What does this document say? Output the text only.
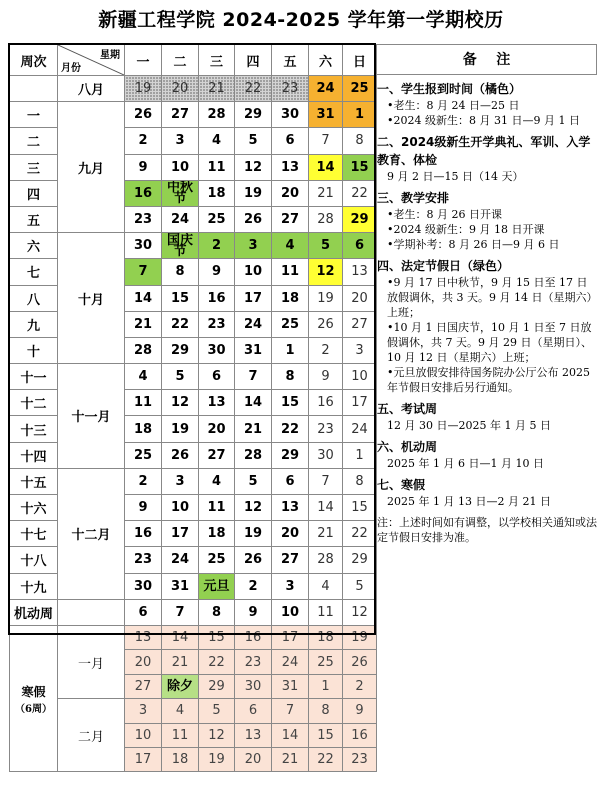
新疆工程学院 2024-2025 学年第一学期校历
周次	星期
月份	一	二	三	四	五	六	日
	八月	19	20	21	22	23	24	25
一	九月	26	27	28	29	30	31	1
二		2	3	4	5	6	7	8
三		9	10	11	12	13	14	15
四		16	中秋节	18	19	20	21	22
五		23	24	25	26	27	28	29
六	十月	30	国庆节	2	3	4	5	6
七		7	8	9	10	11	12	13
八		14	15	16	17	18	19	20
九		21	22	23	24	25	26	27
十		28	29	30	31	1	2	3
十一	十一月	4	5	6	7	8	9	10
十二		11	12	13	14	15	16	17
十三		18	19	20	21	22	23	24
十四		25	26	27	28	29	30	1
十五	十二月	2	3	4	5	6	7	8
十六		9	10	11	12	13	14	15
十七		16	17	18	19	20	21	22
十八		23	24	25	26	27	28	29
十九		30	31	元旦	2	3	4	5
机动周		6	7	8	9	10	11	12

寒假
（6周）	一月	13	14	15	16	17	18	19
		20	21	22	23	24	25	26
		27	除夕	29	30	31	1	2
	二月	3	4	5	6	7	8	9
		10	11	12	13	14	15	16
		17	18	19	20	21	22	23
备    注
一、学生报到时间（橘色）
•老生：8 月 24 日—25 日
•2024 级新生：8 月 31 日—9 月 1 日
二、2024级新生开学典礼、军训、入学教育、体检
9 月 2 日—15 日（14 天）
三、教学安排
•老生：8 月 26 日开课
•2024 级新生：9 月 18 日开课
•学期补考：8 月 26 日—9 月 6 日
四、法定节假日（绿色）
•9 月 17 日中秋节，9 月 15 日至 17 日放假调休，共 3 天。9 月 14 日（星期六）上班；
•10 月 1 日国庆节，10 月 1 日至 7 日放假调休，共 7 天。9 月 29 日（星期日）、10 月 12 日（星期六）上班；
•元旦放假安排待国务院办公厅公布 2025 年节假日安排后另行通知。
五、考试周
12 月 30 日—2025 年 1 月 5 日
六、机动周
2025 年 1 月 6 日—1 月 10 日
七、寒假
2025 年 1 月 13 日—2 月 21 日
注：上述时间如有调整，以学校相关通知或法定节假日安排为准。
